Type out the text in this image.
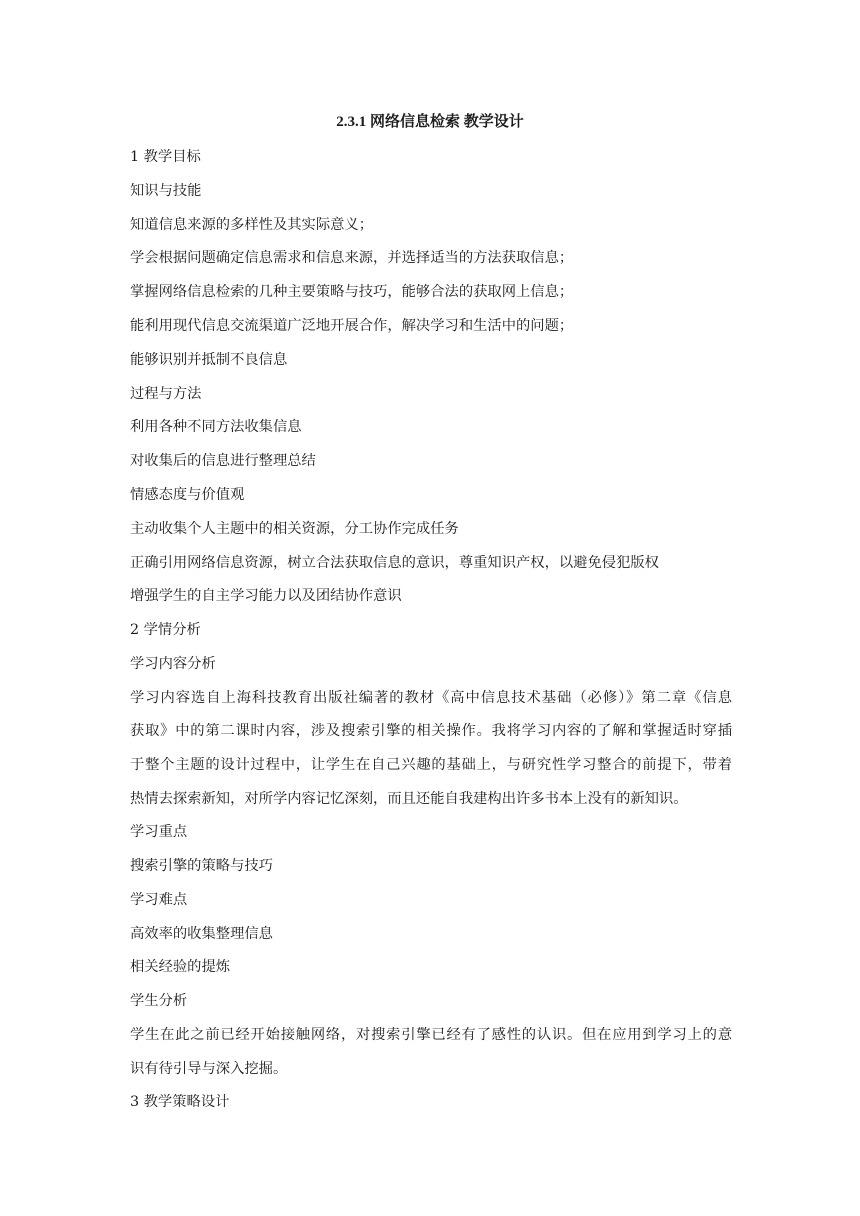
2.3.1 网络信息检索 教学设计
1 教学目标
知识与技能
知道信息来源的多样性及其实际意义；
学会根据问题确定信息需求和信息来源，并选择适当的方法获取信息；
掌握网络信息检索的几种主要策略与技巧，能够合法的获取网上信息；
能利用现代信息交流渠道广泛地开展合作，解决学习和生活中的问题；
能够识别并抵制不良信息
过程与方法
利用各种不同方法收集信息
对收集后的信息进行整理总结
情感态度与价值观
主动收集个人主题中的相关资源，分工协作完成任务
正确引用网络信息资源，树立合法获取信息的意识，尊重知识产权，以避免侵犯版权
增强学生的自主学习能力以及团结协作意识
2 学情分析
学习内容分析
学习内容选自上海科技教育出版社编著的教材《高中信息技术基础（必修）》第二章《信息
获取》中的第二课时内容，涉及搜索引擎的相关操作。我将学习内容的了解和掌握适时穿插
于整个主题的设计过程中，让学生在自己兴趣的基础上，与研究性学习整合的前提下，带着
热情去探索新知，对所学内容记忆深刻，而且还能自我建构出许多书本上没有的新知识。
学习重点
搜索引擎的策略与技巧
学习难点
高效率的收集整理信息
相关经验的提炼
学生分析
学生在此之前已经开始接触网络，对搜索引擎已经有了感性的认识。但在应用到学习上的意
识有待引导与深入挖掘。
3 教学策略设计
